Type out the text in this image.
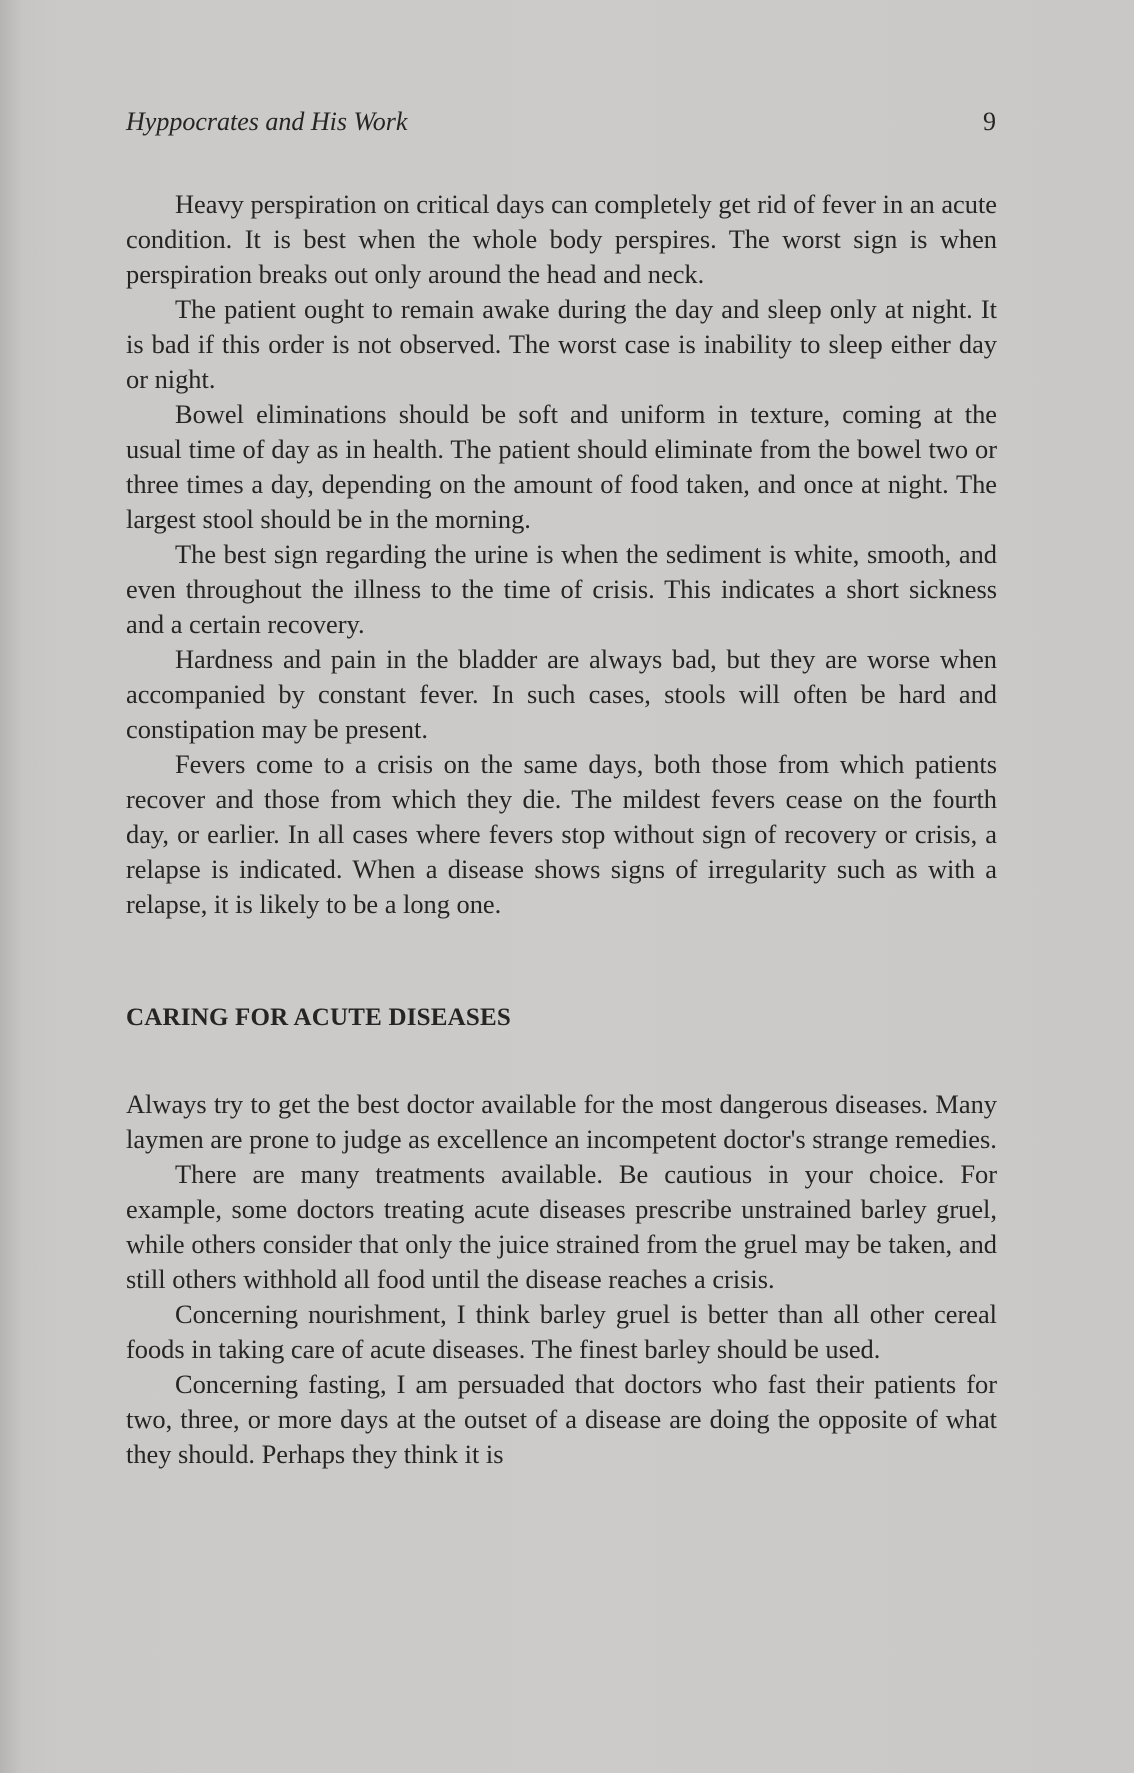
Hyppocrates and His Work	9

Heavy perspiration on critical days can completely get rid of fever in an acute condition. It is best when the whole body perspires. The worst sign is when perspiration breaks out only around the head and neck.

The patient ought to remain awake during the day and sleep only at night. It is bad if this order is not observed. The worst case is inability to sleep either day or night.

Bowel eliminations should be soft and uniform in texture, coming at the usual time of day as in health. The patient should eliminate from the bowel two or three times a day, depending on the amount of food taken, and once at night. The largest stool should be in the morning.

The best sign regarding the urine is when the sediment is white, smooth, and even throughout the illness to the time of crisis. This indicates a short sickness and a certain recovery.

Hardness and pain in the bladder are always bad, but they are worse when accompanied by constant fever. In such cases, stools will often be hard and constipation may be present.

Fevers come to a crisis on the same days, both those from which patients recover and those from which they die. The mildest fevers cease on the fourth day, or earlier. In all cases where fevers stop without sign of recovery or crisis, a relapse is indicated. When a disease shows signs of irregularity such as with a relapse, it is likely to be a long one.

CARING FOR ACUTE DISEASES

Always try to get the best doctor available for the most dangerous diseases. Many laymen are prone to judge as excellence an incompetent doctor's strange remedies.

There are many treatments available. Be cautious in your choice. For example, some doctors treating acute diseases prescribe unstrained barley gruel, while others consider that only the juice strained from the gruel may be taken, and still others withhold all food until the disease reaches a crisis.

Concerning nourishment, I think barley gruel is better than all other cereal foods in taking care of acute diseases. The finest barley should be used.

Concerning fasting, I am persuaded that doctors who fast their patients for two, three, or more days at the outset of a disease are doing the opposite of what they should. Perhaps they think it is
